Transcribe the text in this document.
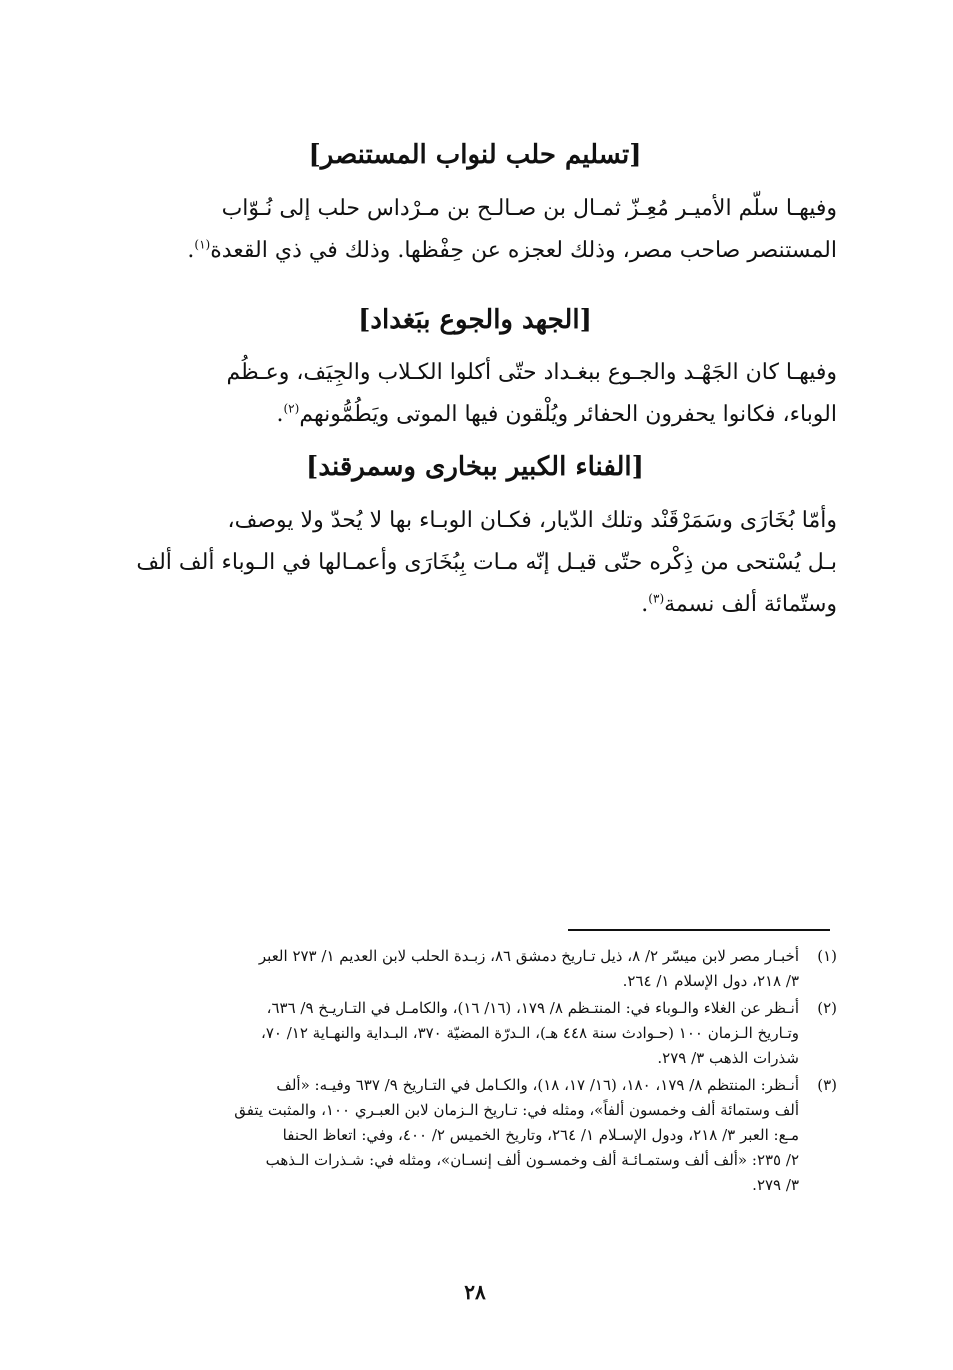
[تسليم حلب لنواب المستنصر]
وفيهـا سلّم الأميـر مُعِـزّ ثمـال بن صـالـح بن مـرْداس حلب إلى نُـوّاب
المستنصر صاحب مصر، وذلك لعجزه عن حِفْظها. وذلك في ذي القعدة$^{(١)}$.
[الجهد والجوع ببَغداد]
وفيهـا كان الجَهْـد والجـوع ببغـداد حتّى أكلوا الكـلاب والجِيَف، وعـظُم
الوباء، فكانوا يحفرون الحفائر ويُلْقون فيها الموتى ويَطُمُّونهم$^{(٢)}$.
[الفناء الكبير ببخارى وسمرقند]
وأمّا بُخَارَى وسَمَرْقَنْد وتلك الدّيار، فكـان الوبـاء بها لا يُحدّ ولا يوصف،
بـل يُسْتحى من ذِكْره حتّى قيـل إنّه مـات بِبُخَارَى وأعمـالها في الـوباء ألف ألف
وستّمائة ألف نسمة$^{(٣)}$.
(١)
أخبـار مصر لابن ميسّر ٢/ ٨، ذيل تـاريخ دمشق ٨٦، زبـدة الحلب لابن العديم ١/ ٢٧٣ العبر
٣/ ٢١٨، دول الإسلام ١/ ٢٦٤.
(٢)
أنـظر عن الغلاء والـوباء في: المنتـظم ٨/ ١٧٩، (١٦/ ١٦)، والكامـل في التـاريـخ ٩/ ٦٣٦،
وتـاريخ الـزمان ١٠٠ (حـوادث سنة ٤٤٨ هـ)، الـدرّة المضيّة ٣٧٠، البـداية والنهـاية ١٢/ ٧٠،
شذرات الذهب ٣/ ٢٧٩.
(٣)
أنـظر: المنتظم ٨/ ١٧٩، ١٨٠، (١٦/ ١٧، ١٨)، والكـامل في التـاريخ ٩/ ٦٣٧ وفيـه: «ألف
ألف وستمائة ألف وخمسون ألفاً»، ومثله في: تـاريخ الـزمان لابن العبـري ١٠٠، والمثبت يتفق
مـع: العبر ٣/ ٢١٨، ودول الإسـلام ١/ ٢٦٤، وتاريخ الخميس ٢/ ٤٠٠، وفي: اتعاظ الحنفا
٢/ ٢٣٥: «ألف ألف وستمـائـة ألف وخمسـون ألف إنسـان»، ومثله في: شـذرات الـذهب
٣/ ٢٧٩.
٢٨
